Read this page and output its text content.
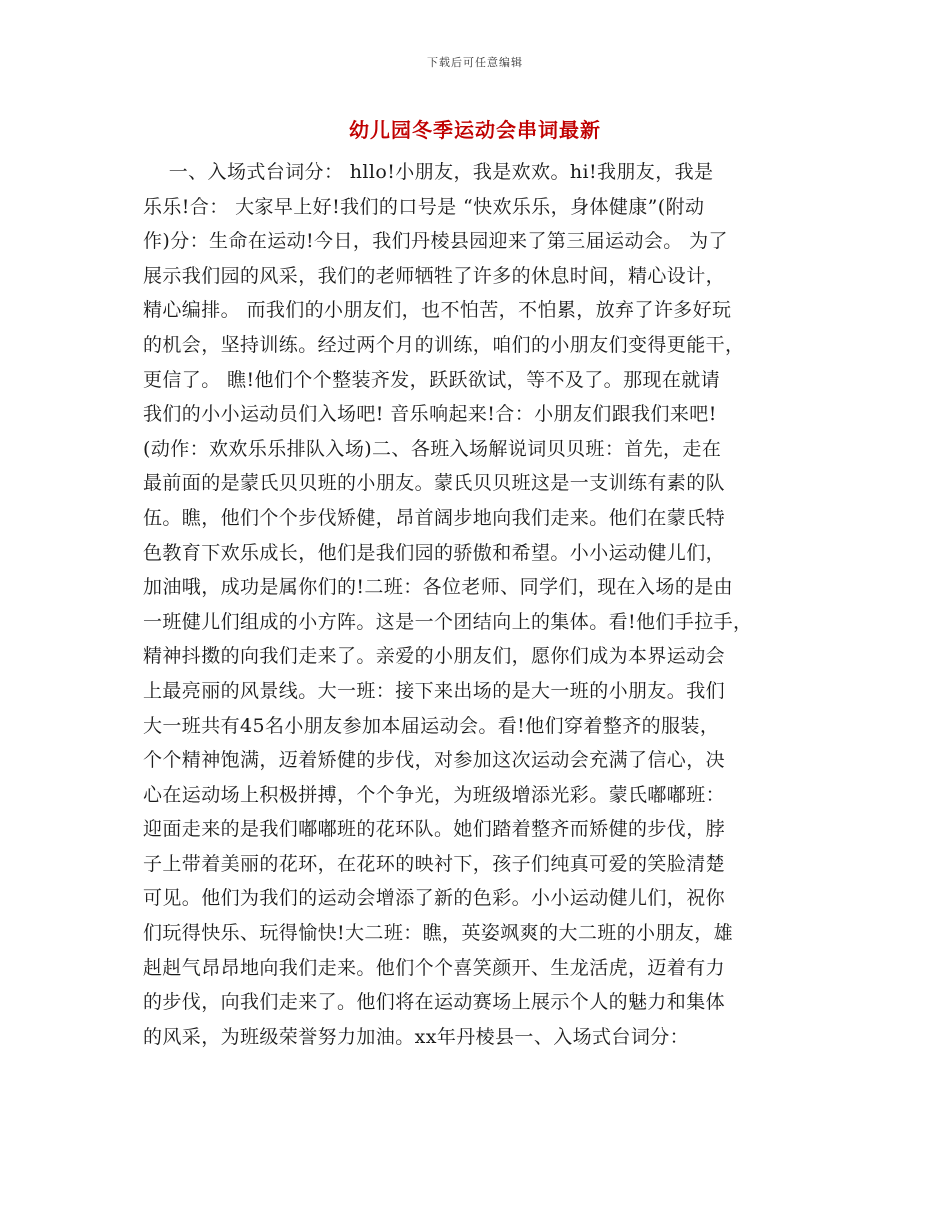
下载后可任意编辑
幼儿园冬季运动会串词最新
一、入场式台词分： hllo!小朋友，我是欢欢。hi!我朋友，我是
乐乐!合： 大家早上好!我们的口号是 “快欢乐乐，身体健康”(附动
作)分：生命在运动!今日，我们丹棱县园迎来了第三届运动会。 为了
展示我们园的风采，我们的老师牺牲了许多的休息时间，精心设计，
精心编排。 而我们的小朋友们，也不怕苦，不怕累，放弃了许多好玩
的机会，坚持训练。经过两个月的训练，咱们的小朋友们变得更能干，
更信了。 瞧!他们个个整装齐发，跃跃欲试，等不及了。那现在就请
我们的小小运动员们入场吧! 音乐响起来!合：小朋友们跟我们来吧!
(动作：欢欢乐乐排队入场)二、各班入场解说词贝贝班：首先，走在
最前面的是蒙氏贝贝班的小朋友。蒙氏贝贝班这是一支训练有素的队
伍。瞧，他们个个步伐矫健，昂首阔步地向我们走来。他们在蒙氏特
色教育下欢乐成长，他们是我们园的骄傲和希望。小小运动健儿们，
加油哦，成功是属你们的!二班：各位老师、同学们，现在入场的是由
一班健儿们组成的小方阵。这是一个团结向上的集体。看!他们手拉手，
精神抖擞的向我们走来了。亲爱的小朋友们，愿你们成为本界运动会
上最亮丽的风景线。大一班：接下来出场的是大一班的小朋友。我们
大一班共有45名小朋友参加本届运动会。看!他们穿着整齐的服装，
个个精神饱满，迈着矫健的步伐，对参加这次运动会充满了信心，决
心在运动场上积极拼搏，个个争光，为班级增添光彩。蒙氏嘟嘟班：
迎面走来的是我们嘟嘟班的花环队。她们踏着整齐而矫健的步伐，脖
子上带着美丽的花环，在花环的映衬下，孩子们纯真可爱的笑脸清楚
可见。他们为我们的运动会增添了新的色彩。小小运动健儿们，祝你
们玩得快乐、玩得愉快!大二班：瞧，英姿飒爽的大二班的小朋友，雄
赳赳气昂昂地向我们走来。他们个个喜笑颜开、生龙活虎，迈着有力
的步伐，向我们走来了。他们将在运动赛场上展示个人的魅力和集体
的风采，为班级荣誉努力加油。xx年丹棱县一、入场式台词分：
